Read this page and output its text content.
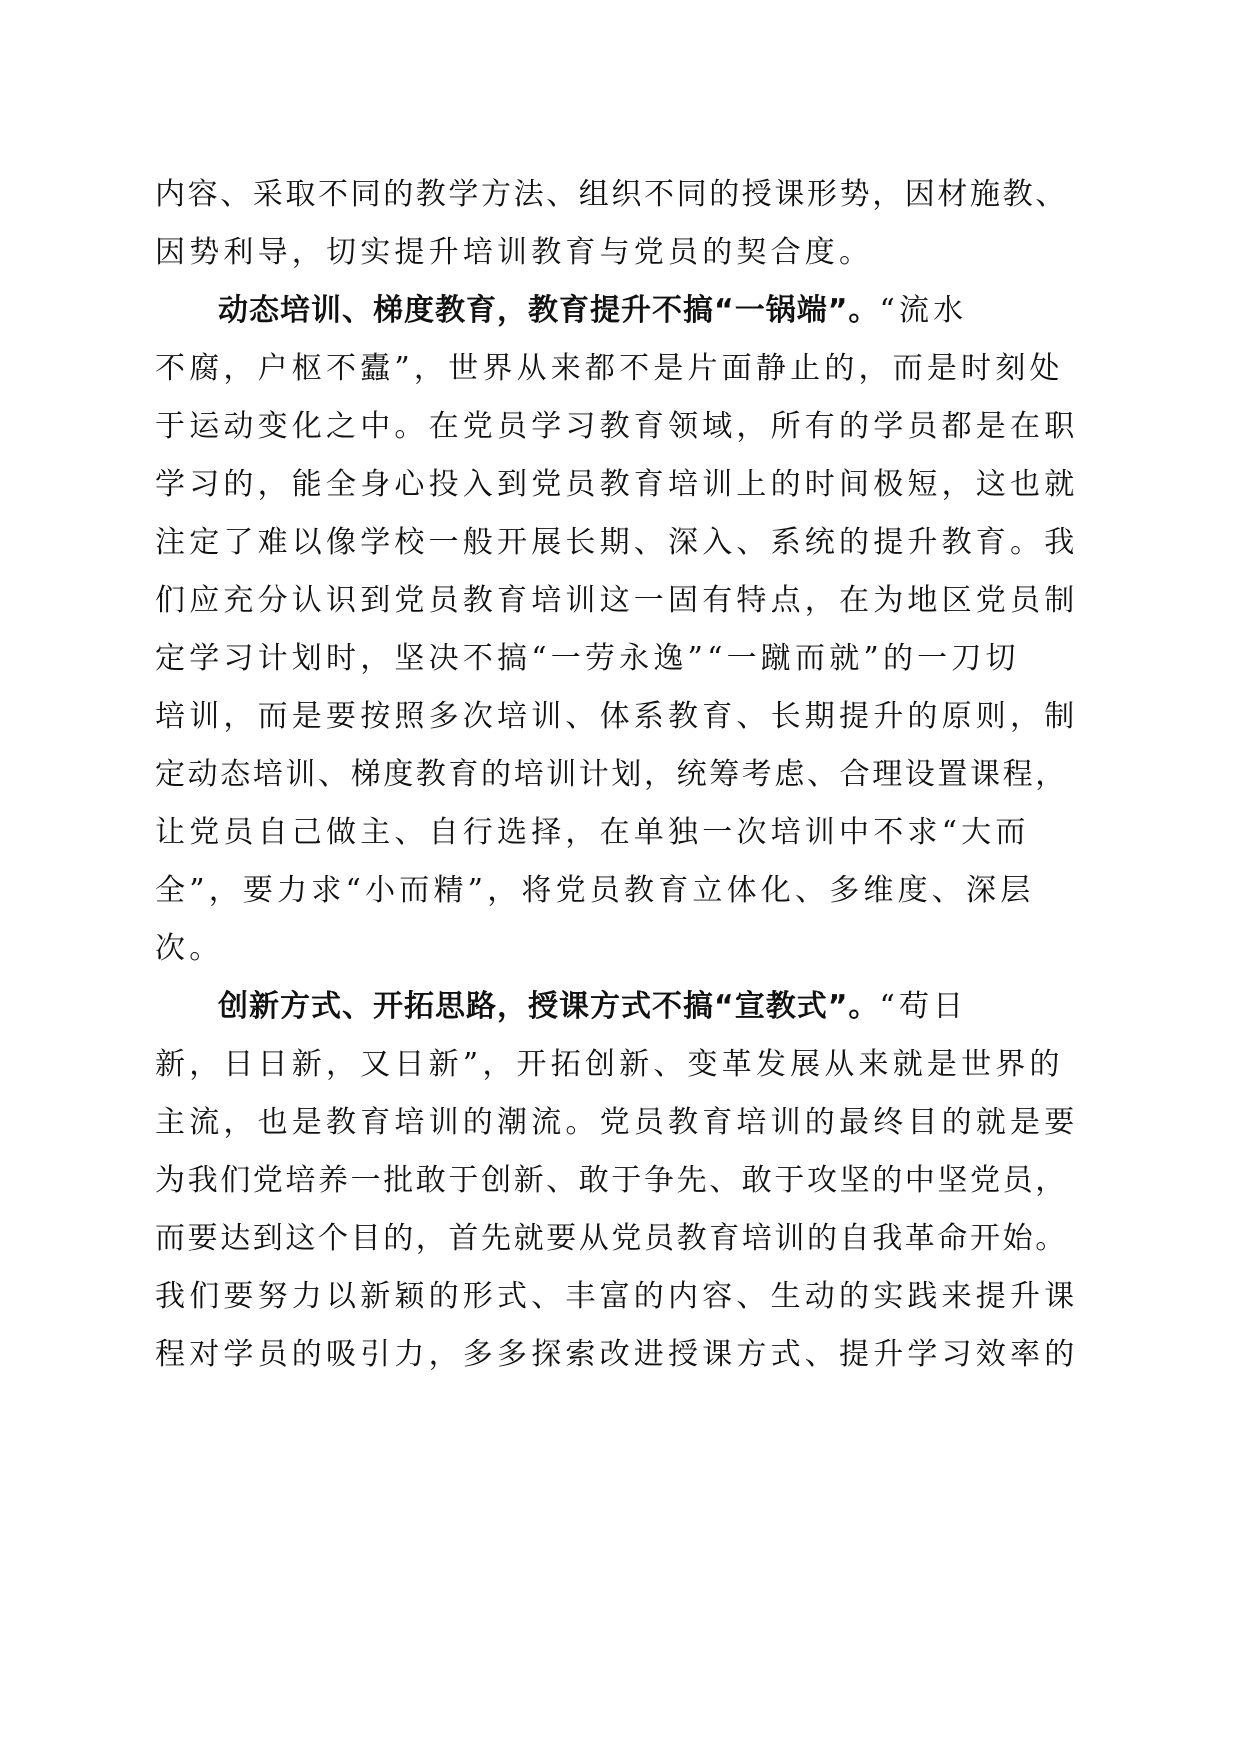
内容、采取不同的教学方法、组织不同的授课形势，因材施教、
因势利导，切实提升培训教育与党员的契合度。
动态培训、梯度教育，教育提升不搞“一锅端”。“流水
不腐，户枢不蠹”，世界从来都不是片面静止的，而是时刻处
于运动变化之中。在党员学习教育领域，所有的学员都是在职
学习的，能全身心投入到党员教育培训上的时间极短，这也就
注定了难以像学校一般开展长期、深入、系统的提升教育。我
们应充分认识到党员教育培训这一固有特点，在为地区党员制
定学习计划时，坚决不搞“一劳永逸”“一蹴而就”的一刀切
培训，而是要按照多次培训、体系教育、长期提升的原则，制
定动态培训、梯度教育的培训计划，统筹考虑、合理设置课程，
让党员自己做主、自行选择，在单独一次培训中不求“大而
全”，要力求“小而精”，将党员教育立体化、多维度、深层
次。
创新方式、开拓思路，授课方式不搞“宣教式”。“苟日
新，日日新，又日新”，开拓创新、变革发展从来就是世界的
主流，也是教育培训的潮流。党员教育培训的最终目的就是要
为我们党培养一批敢于创新、敢于争先、敢于攻坚的中坚党员，
而要达到这个目的，首先就要从党员教育培训的自我革命开始。
我们要努力以新颖的形式、丰富的内容、生动的实践来提升课
程对学员的吸引力，多多探索改进授课方式、提升学习效率的
